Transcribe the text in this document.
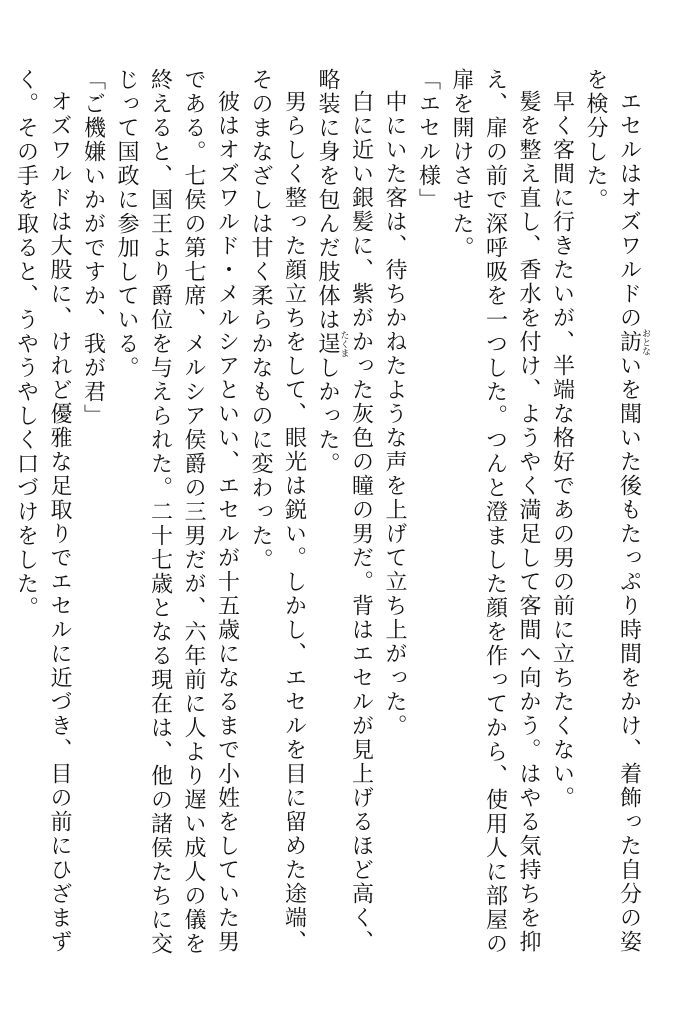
エセルはオズワルドの訪おとないを聞いた後もたっぷり時間をかけ、着飾った自分の姿を検分した。

早く客間に行きたいが、半端な格好であの男の前に立ちたくない。

髪を整え直し、香水を付け、ようやく満足して客間へ向かう。はやる気持ちを抑え、扉の前で深呼吸を一つした。つんと澄ました顔を作ってから、使用人に部屋の扉を開けさせた。

「エセル様」

中にいた客は、待ちかねたような声を上げて立ち上がった。

白に近い銀髪に、紫がかった灰色の瞳の男だ。背はエセルが見上げるほど高く、略装に身を包んだ肢体は逞たくましかった。

男らしく整った顔立ちをして、眼光は鋭い。しかし、エセルを目に留めた途端、そのまなざしは甘く柔らかなものに変わった。

彼はオズワルド・メルシアといい、エセルが十五歳になるまで小姓をしていた男である。七侯の第七席、メルシア侯爵の三男だが、六年前に人より遅い成人の儀を終えると、国王より爵位を与えられた。二十七歳となる現在は、他の諸侯たちに交じって国政に参加している。

「ご機嫌いかがですか、我が君」

オズワルドは大股に、けれど優雅な足取りでエセルに近づき、目の前にひざまずく。その手を取ると、うやうやしく口づけをした。
